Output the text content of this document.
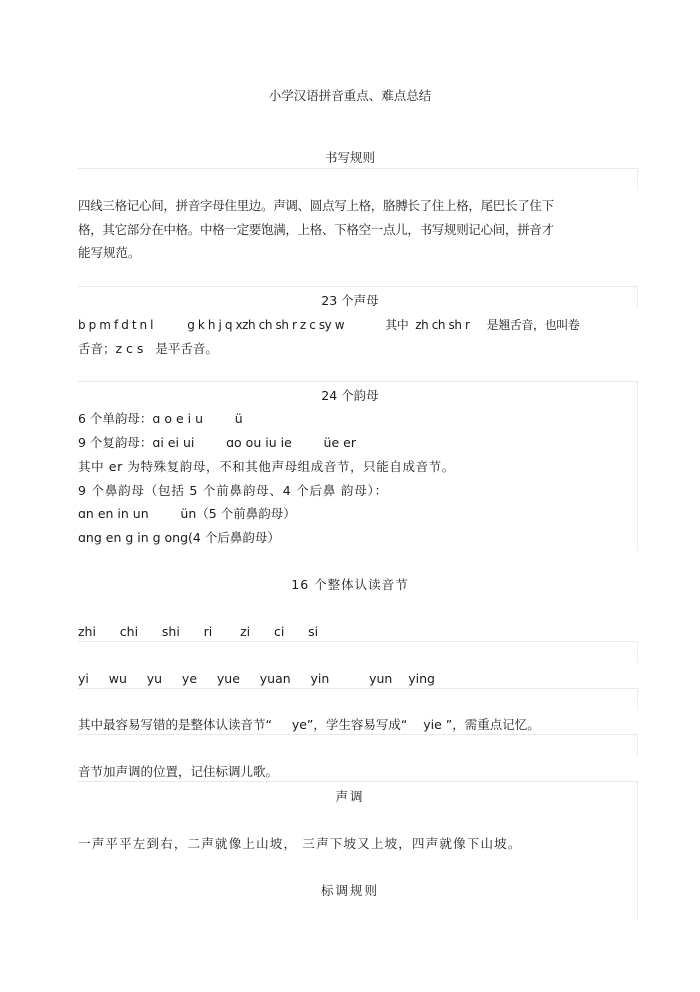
小学汉语拼音重点、难点总结
书写规则
四线三格记心间，拼音字母住里边。声调、圆点写上格，胳膊长了住上格，尾巴长了住下
格，其它部分在中格。中格一定要饱满，上格、下格空一点儿，书写规则记心间，拼音才
能写规范。
23 个声母
b p m f d t n l          g k h j q xzh ch sh r z c sy w            其中  zh ch sh r     是翘舌音，也叫卷
舌音；z c s   是平舌音。
24 个韵母
6 个单韵母：ɑ o e i u        ü
9 个复韵母：ɑi ei ui        ɑo ou iu ie        üe er
其中 er 为特殊复韵母，不和其他声母组成音节，只能自成音节。
9 个鼻韵母（包括 5 个前鼻韵母、4 个后鼻 韵母）：
ɑn en in un        ün（5 个前鼻韵母）
ɑng en g in g ong(4 个后鼻韵母）
16 个整体认读音节
zhi      chi      shi      ri       zi      ci      si
yi     wu     yu     ye     yue     yuan     yin          yun    ying
其中最容易写错的是整体认读音节“     ye”，学生容易写成“    yie ”，需重点记忆。
音节加声调的位置，记住标调儿歌。
声调
一声平平左到右，二声就像上山坡， 三声下坡又上坡，四声就像下山坡。
标调规则
